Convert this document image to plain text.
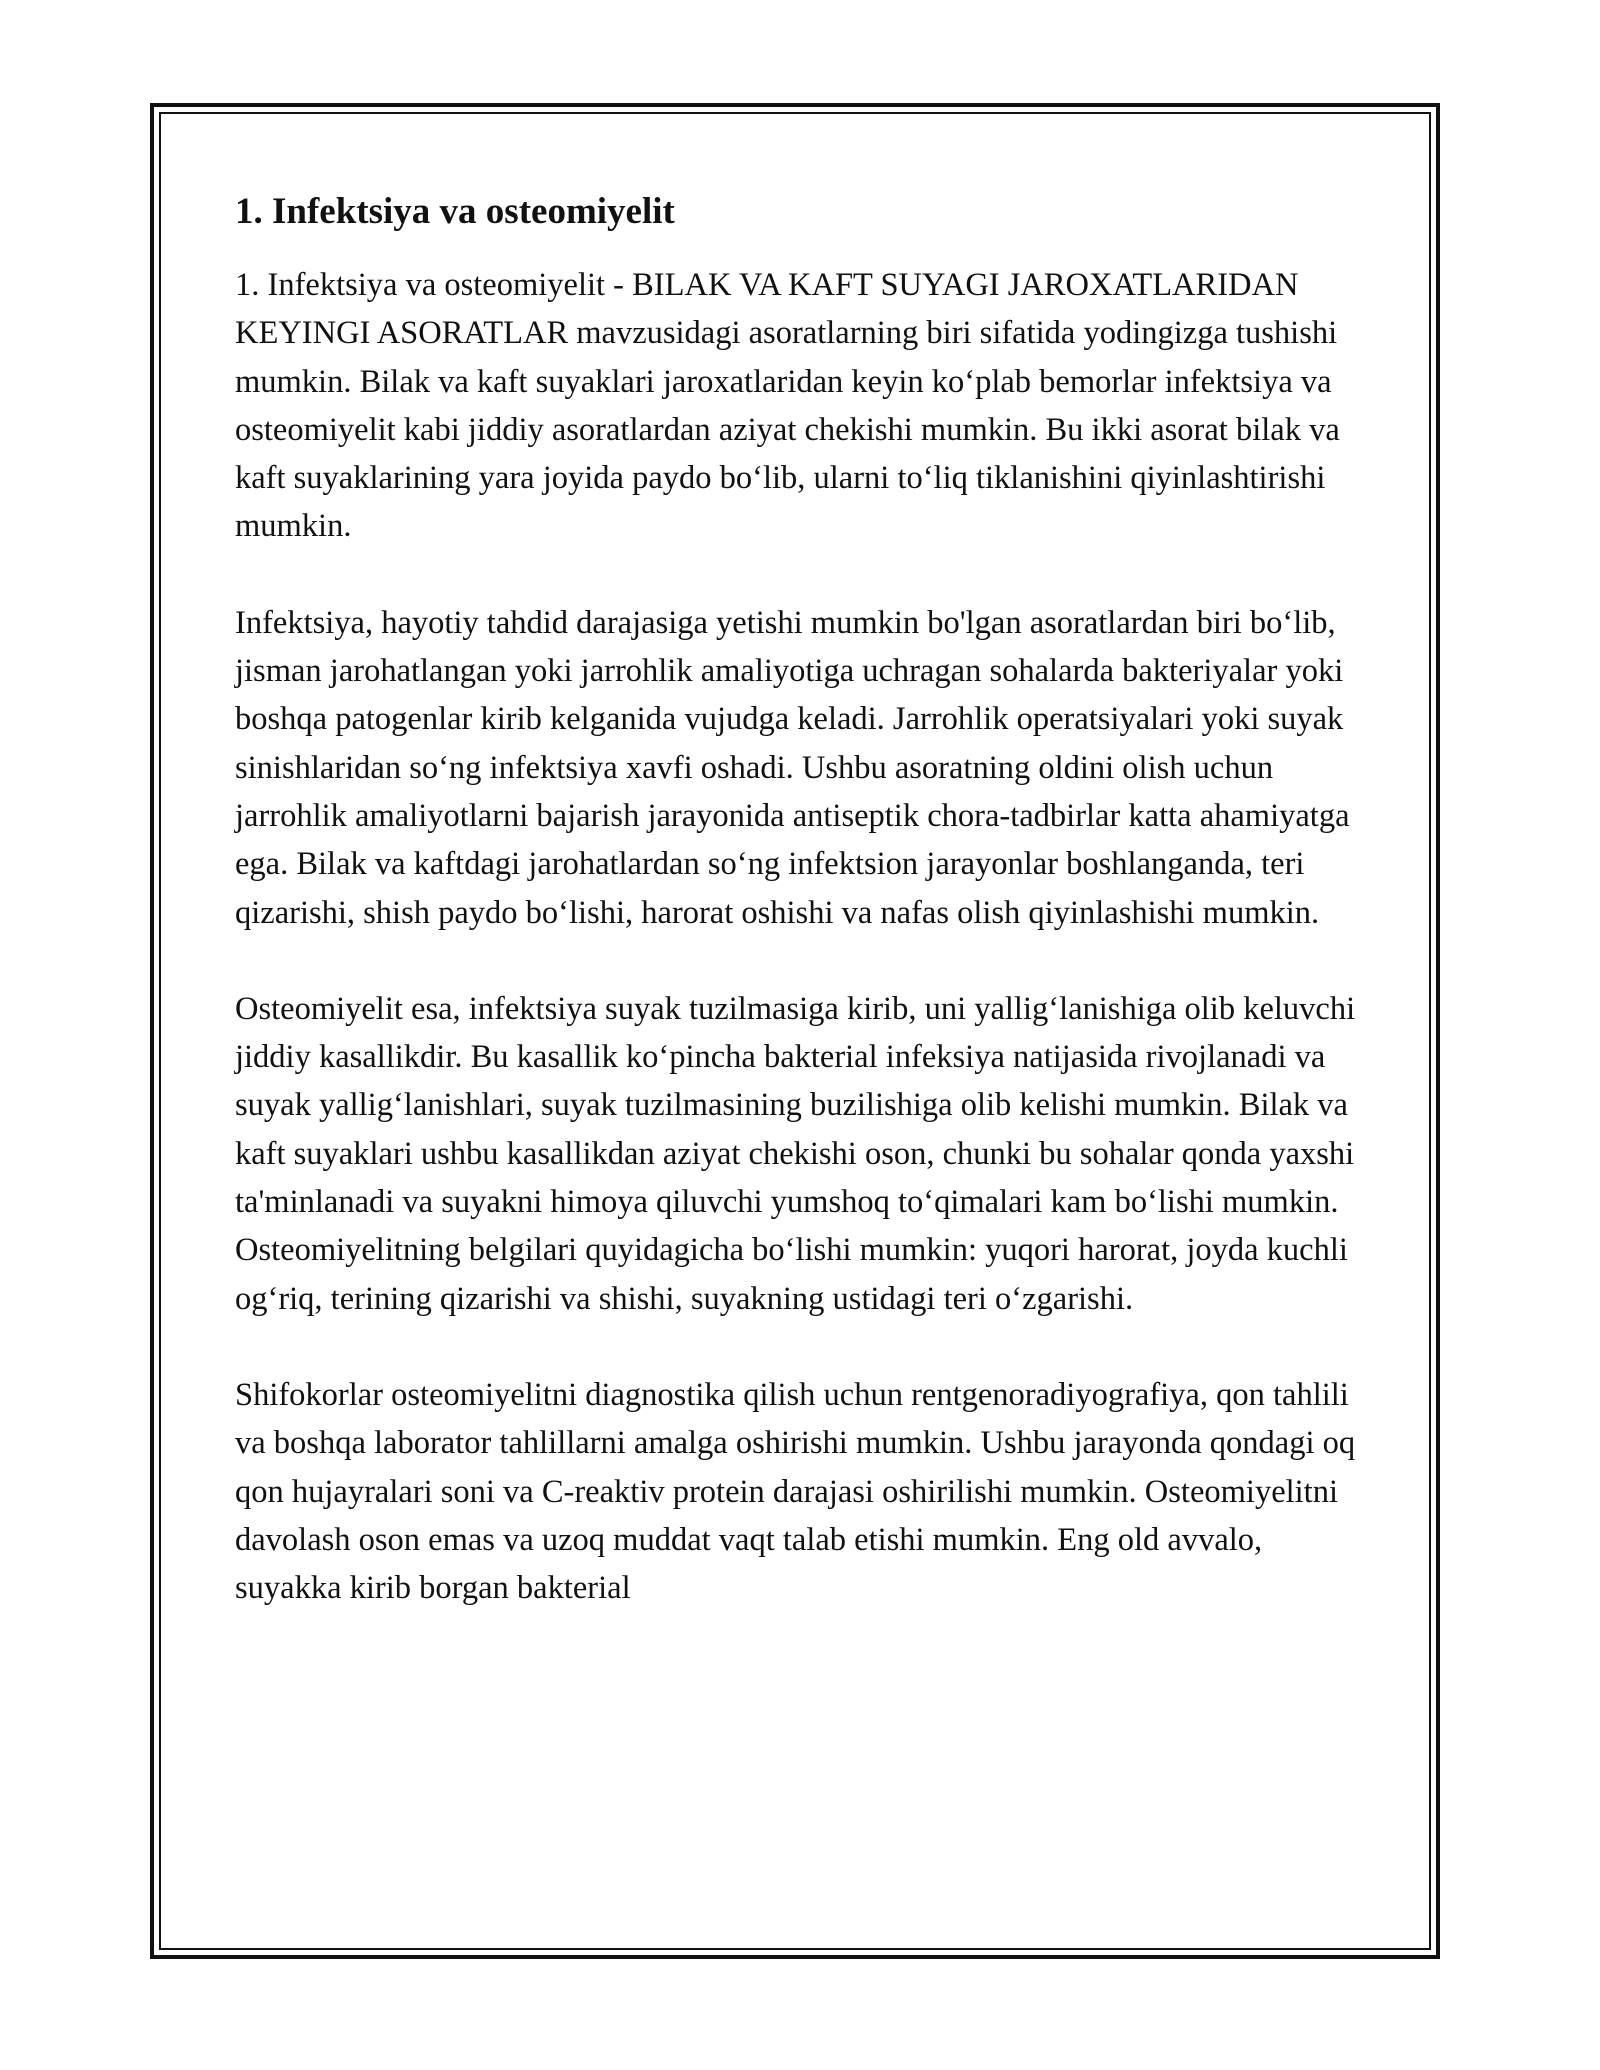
1. Infektsiya va osteomiyelit

1. Infektsiya va osteomiyelit - BILAK VA KAFT SUYAGI JAROXATLARIDAN KEYINGI ASORATLAR mavzusidagi asoratlarning biri sifatida yodingizga tushishi mumkin. Bilak va kaft suyaklari jaroxatlaridan keyin ko‘plab bemorlar infektsiya va osteomiyelit kabi jiddiy asoratlardan aziyat chekishi mumkin. Bu ikki asorat bilak va kaft suyaklarining yara joyida paydo bo‘lib, ularni to‘liq tiklanishini qiyinlashtirishi mumkin.

Infektsiya, hayotiy tahdid darajasiga yetishi mumkin bo'lgan asoratlardan biri bo‘lib, jisman jarohatlangan yoki jarrohlik amaliyotiga uchragan sohalarda bakteriyalar yoki boshqa patogenlar kirib kelganida vujudga keladi. Jarrohlik operatsiyalari yoki suyak sinishlaridan so‘ng infektsiya xavfi oshadi. Ushbu asoratning oldini olish uchun jarrohlik amaliyotlarni bajarish jarayonida antiseptik chora-tadbirlar katta ahamiyatga ega. Bilak va kaftdagi jarohatlardan so‘ng infektsion jarayonlar boshlanganda, teri qizarishi, shish paydo bo‘lishi, harorat oshishi va nafas olish qiyinlashishi mumkin.

Osteomiyelit esa, infektsiya suyak tuzilmasiga kirib, uni yallig‘lanishiga olib keluvchi jiddiy kasallikdir. Bu kasallik ko‘pincha bakterial infeksiya natijasida rivojlanadi va suyak yallig‘lanishlari, suyak tuzilmasining buzilishiga olib kelishi mumkin. Bilak va kaft suyaklari ushbu kasallikdan aziyat chekishi oson, chunki bu sohalar qonda yaxshi ta'minlanadi va suyakni himoya qiluvchi yumshoq to‘qimalari kam bo‘lishi mumkin. Osteomiyelitning belgilari quyidagicha bo‘lishi mumkin: yuqori harorat, joyda kuchli og‘riq, terining qizarishi va shishi, suyakning ustidagi teri o‘zgarishi.

Shifokorlar osteomiyelitni diagnostika qilish uchun rentgenoradiyografiya, qon tahlili va boshqa laborator tahlillarni amalga oshirishi mumkin. Ushbu jarayonda qondagi oq qon hujayralari soni va C-reaktiv protein darajasi oshirilishi mumkin. Osteomiyelitni davolash oson emas va uzoq muddat vaqt talab etishi mumkin. Eng old avvalo, suyakka kirib borgan bakterial
